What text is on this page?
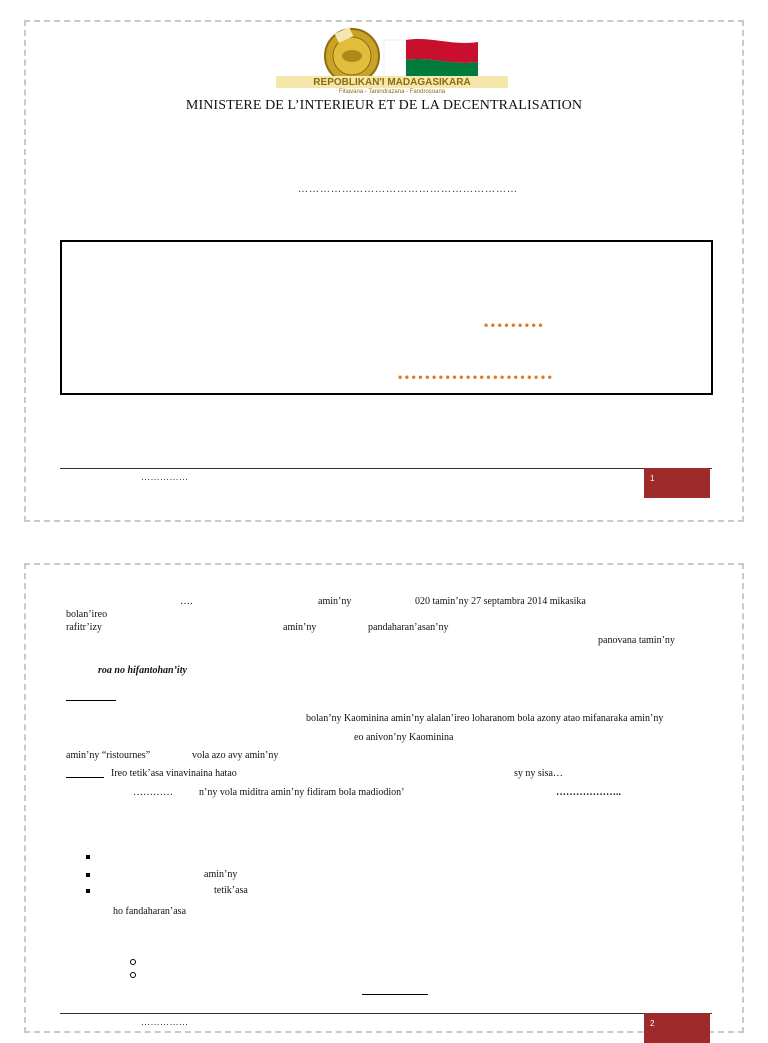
REPOBLIKAN'I MADAGASIKARA
Fitiavana - Tanindrazana - Fandrosoana
MINISTERE DE L’INTERIEUR ET DE LA DECENTRALISATION
……………………………………………………
•••••••••
•••••••••••••••••••••••
……………	1
….	amin’ny	020 tamin’ny 27 septambra 2014 mikasika
bolan’ireo
rafitr’izy	amin’ny	pandaharan’asan’ny
panovana tamin’ny
roa no hifantohan’ity
bolan’ny Kaominina amin’ny alalan’ireo loharanom bola azony atao mifanaraka amin’ny
eo anivon’ny Kaominina
amin’ny “ristournes”	vola azo avy amin’ny
Ireo tetik’asa vinavinaina hatao	sy ny sisa…
…………	n’ny vola miditra amin’ny fidiram bola madiodion’	………………..
amin’ny
tetik’asa
ho fandaharan’asa
……………	2
